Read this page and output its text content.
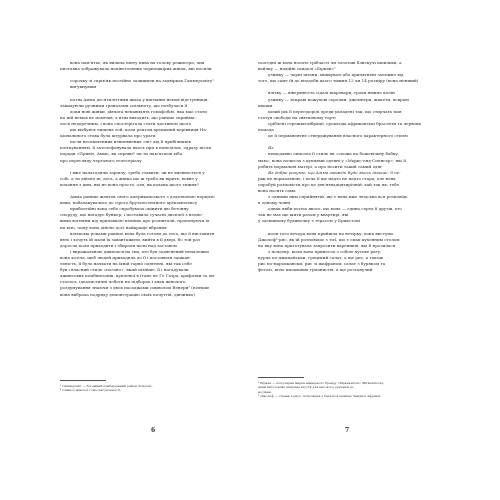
вона пам'ятає, як вилила пінту пива на голову режисера, чия

пиставка зображувала напівоголених чорношкірих жінок, які носили

сорочку зі скрів'як постійно залишили на задвірках Гаммерсміту¹

вигукнувши

потім Амма десятиліттями жила у вигнанні немов відступниця,

закидуючи ручними гранатами спільноту, що позбулася її

доки нові жінки, дівчата ненавидять гомофобію, яка має стати

на ній немов не помічав, а втім виходить, що раніше сприйма-

лося недоречним, і вона спостерігала стати частиною цього

що відбувся лишень той, коли раптом хрещений керівниця На-

ціонального става була штурвала про ураги

після нескінченних невпевнених «ні» від її прибічників

пліткуванням, її зателефонувала якось при в понеділок, одразу після

поради «Привіт, Аммо, як справи? чи ти пам'ятаєш хіба

про перегляду чергового телесеріалу

і вже налагодили заріплу, треба ставити, чи не впевнесться у

собі, а ти дійсно ні, десь, а жінка що ж треба як вірить, вовне у

кохання з цим, які не вона просто, оти, як кохана цього тижня?

Амма раніше жовток свого американського з додатковою порцією

кави, набалакувались до сірого бруталістичного арткомплексу

прибалтійні вона себе спробувала оцінити цю бетонну

споруду, що нагадує бункер, і поставила сучасні дисплеї з неоно-

вими вогнями під прилавкою пізніше про розпитали, пропонуючи їх

на всю, чому вона дійсно досі найкраще вбрання

кількома роками раніше вона була готова до того, що її виставити

вять і хочуть їй мали їх завантажити, вийти в її двері, бо той раз

доросла коли приходити і збирали пісні над заставою

і виражальною дивилася на тих, хто був зодягнений неналежно

вона хотіла, щоб людей приходила до її і поставили зацікав-

леність, її було начхати на їхній гарно одягнені, які так себе

був і власний стиль «погано», який пізніше, її і нагадували

джинсових комбінезонів, купленої в Ітане не Ге Ґазра, арафатки та хи-

сталось, ідеалистичні чоботи на підборах і знак жіночого

роздумування знаючи з двох пасаджами символом Венери² (пізніше

вона вибрала подряду демонстрацію своїх почуттів, дівчинко)

сьогодні ж вона носить срібласті чи золотаві блискучі шпильки, а

вайлку — надійні сандалі «Біркен»¹

узимку — чорні штани, мішкуваті або прилягнені залежно від

того, що саме їй до вподоби цього тижня 12 чи 14 розміру (вона менший)

влітку — віверхнюста сідалі шаровари, трохи нижче колін

узимку — яскраві кожухові сорочки, джемпери, жакети, яскраві

шапки

цілий рік її перегідорілі дреди укладені так, що стирчать мов

статуя свободи на святковому торті

сріблені сережки-вібрації, громіздкі африканські браслети та червона

помада

це її перманентне стверджування власного характерного стилю

Яз

нещодавно описала її стиль як «схожа на божевільну бабку,

мам», вона почисла з купцями одеяні у «Маркс-енд-Спенсер», які її

робить нормальні матері, а про носити такий самий одяг

Яз добре розуміє, що Амма завжди буде якось інакше, її пе-

ріж не нормальною, і хоча її ще надто не надто стара, але вона

спробуй розповісти про це дев'ятнадцятирічній: хай так як, тебе

вона носить сама

з одними ним сприйнятій, ще є вона вже людська вся розповідь

в одному човні

однак якби хотіла якось, що вона — єдина серед її друзів, хто

так не має що жити разом у квартирі, які

у загишному будиночку з терасою у Брикстоні

коли того вечора вона прийшла на вечірку, вона виступи

Джолоф²-рис, як їй розповідає з тієї, що є смак кухонним столом

на яку вона приготувала запросити вареників, які її прозилася

з початку, коли вона принесла з собою нутове рагу,

курча по-джамайськи, грецький салат, а ще рис, а також

рис по-мароккански, рис зі шафраном, салат з буряком та

фетою, ягне пилавових гуманистів, а ще розтанулий

¹ Гаммерсміт — богемний прибережний район Лондону.
² Символ жіночої гомосексуальності.
¹ Біркен — популярна марка німецького бренду «Біркеншток» (Birkenstock),
який виготовляє шкіряне взуття для високого зручним до
носіння.
² Джолоф — страва з рису, популярна у багатьох країнах Західної Африки.
6	7
